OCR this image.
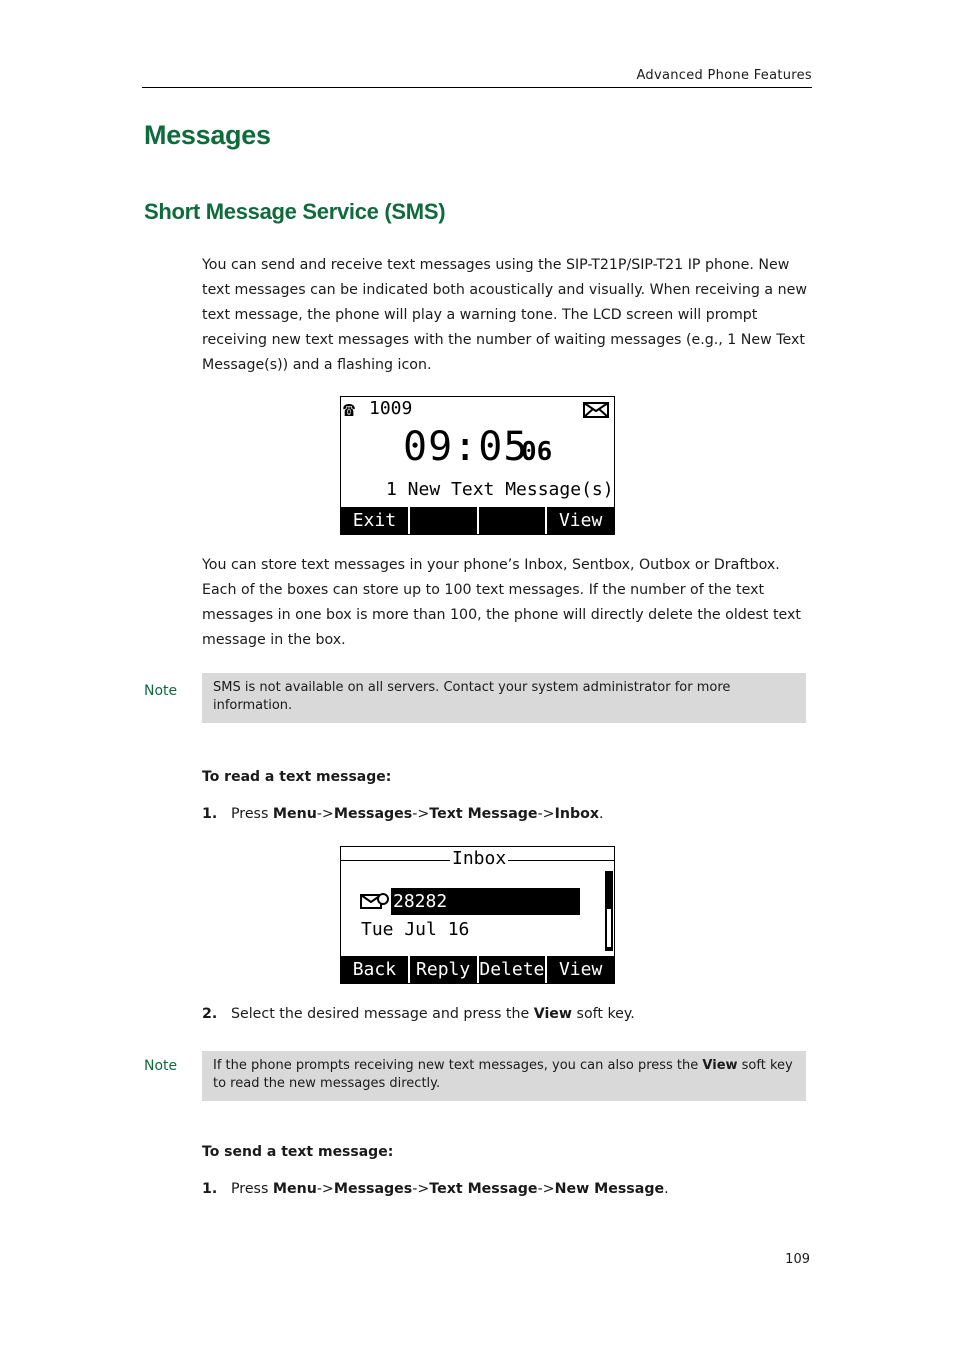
Advanced Phone Features
Messages
Short Message Service (SMS)
You can send and receive text messages using the SIP-T21P/SIP-T21 IP phone. New text messages can be indicated both acoustically and visually. When receiving a new text message, the phone will play a warning tone. The LCD screen will prompt receiving new text messages with the number of waiting messages (e.g., 1 New Text Message(s)) and a flashing icon.
☎ 1009
09:05
06
1 New Text Message(s)
Exit	View
You can store text messages in your phone’s Inbox, Sentbox, Outbox or Draftbox. Each of the boxes can store up to 100 text messages. If the number of the text messages in one box is more than 100, the phone will directly delete the oldest text message in the box.
Note	SMS is not available on all servers. Contact your system administrator for more information.
To read a text message:
1. Press Menu->Messages->Text Message->Inbox.
Inbox
28282
Tue Jul 16
Back	Reply Delete View
2. Select the desired message and press the View soft key.
Note	If the phone prompts receiving new text messages, you can also press the View soft key to read the new messages directly.
To send a text message:
1. Press Menu->Messages->Text Message->New Message.
109
